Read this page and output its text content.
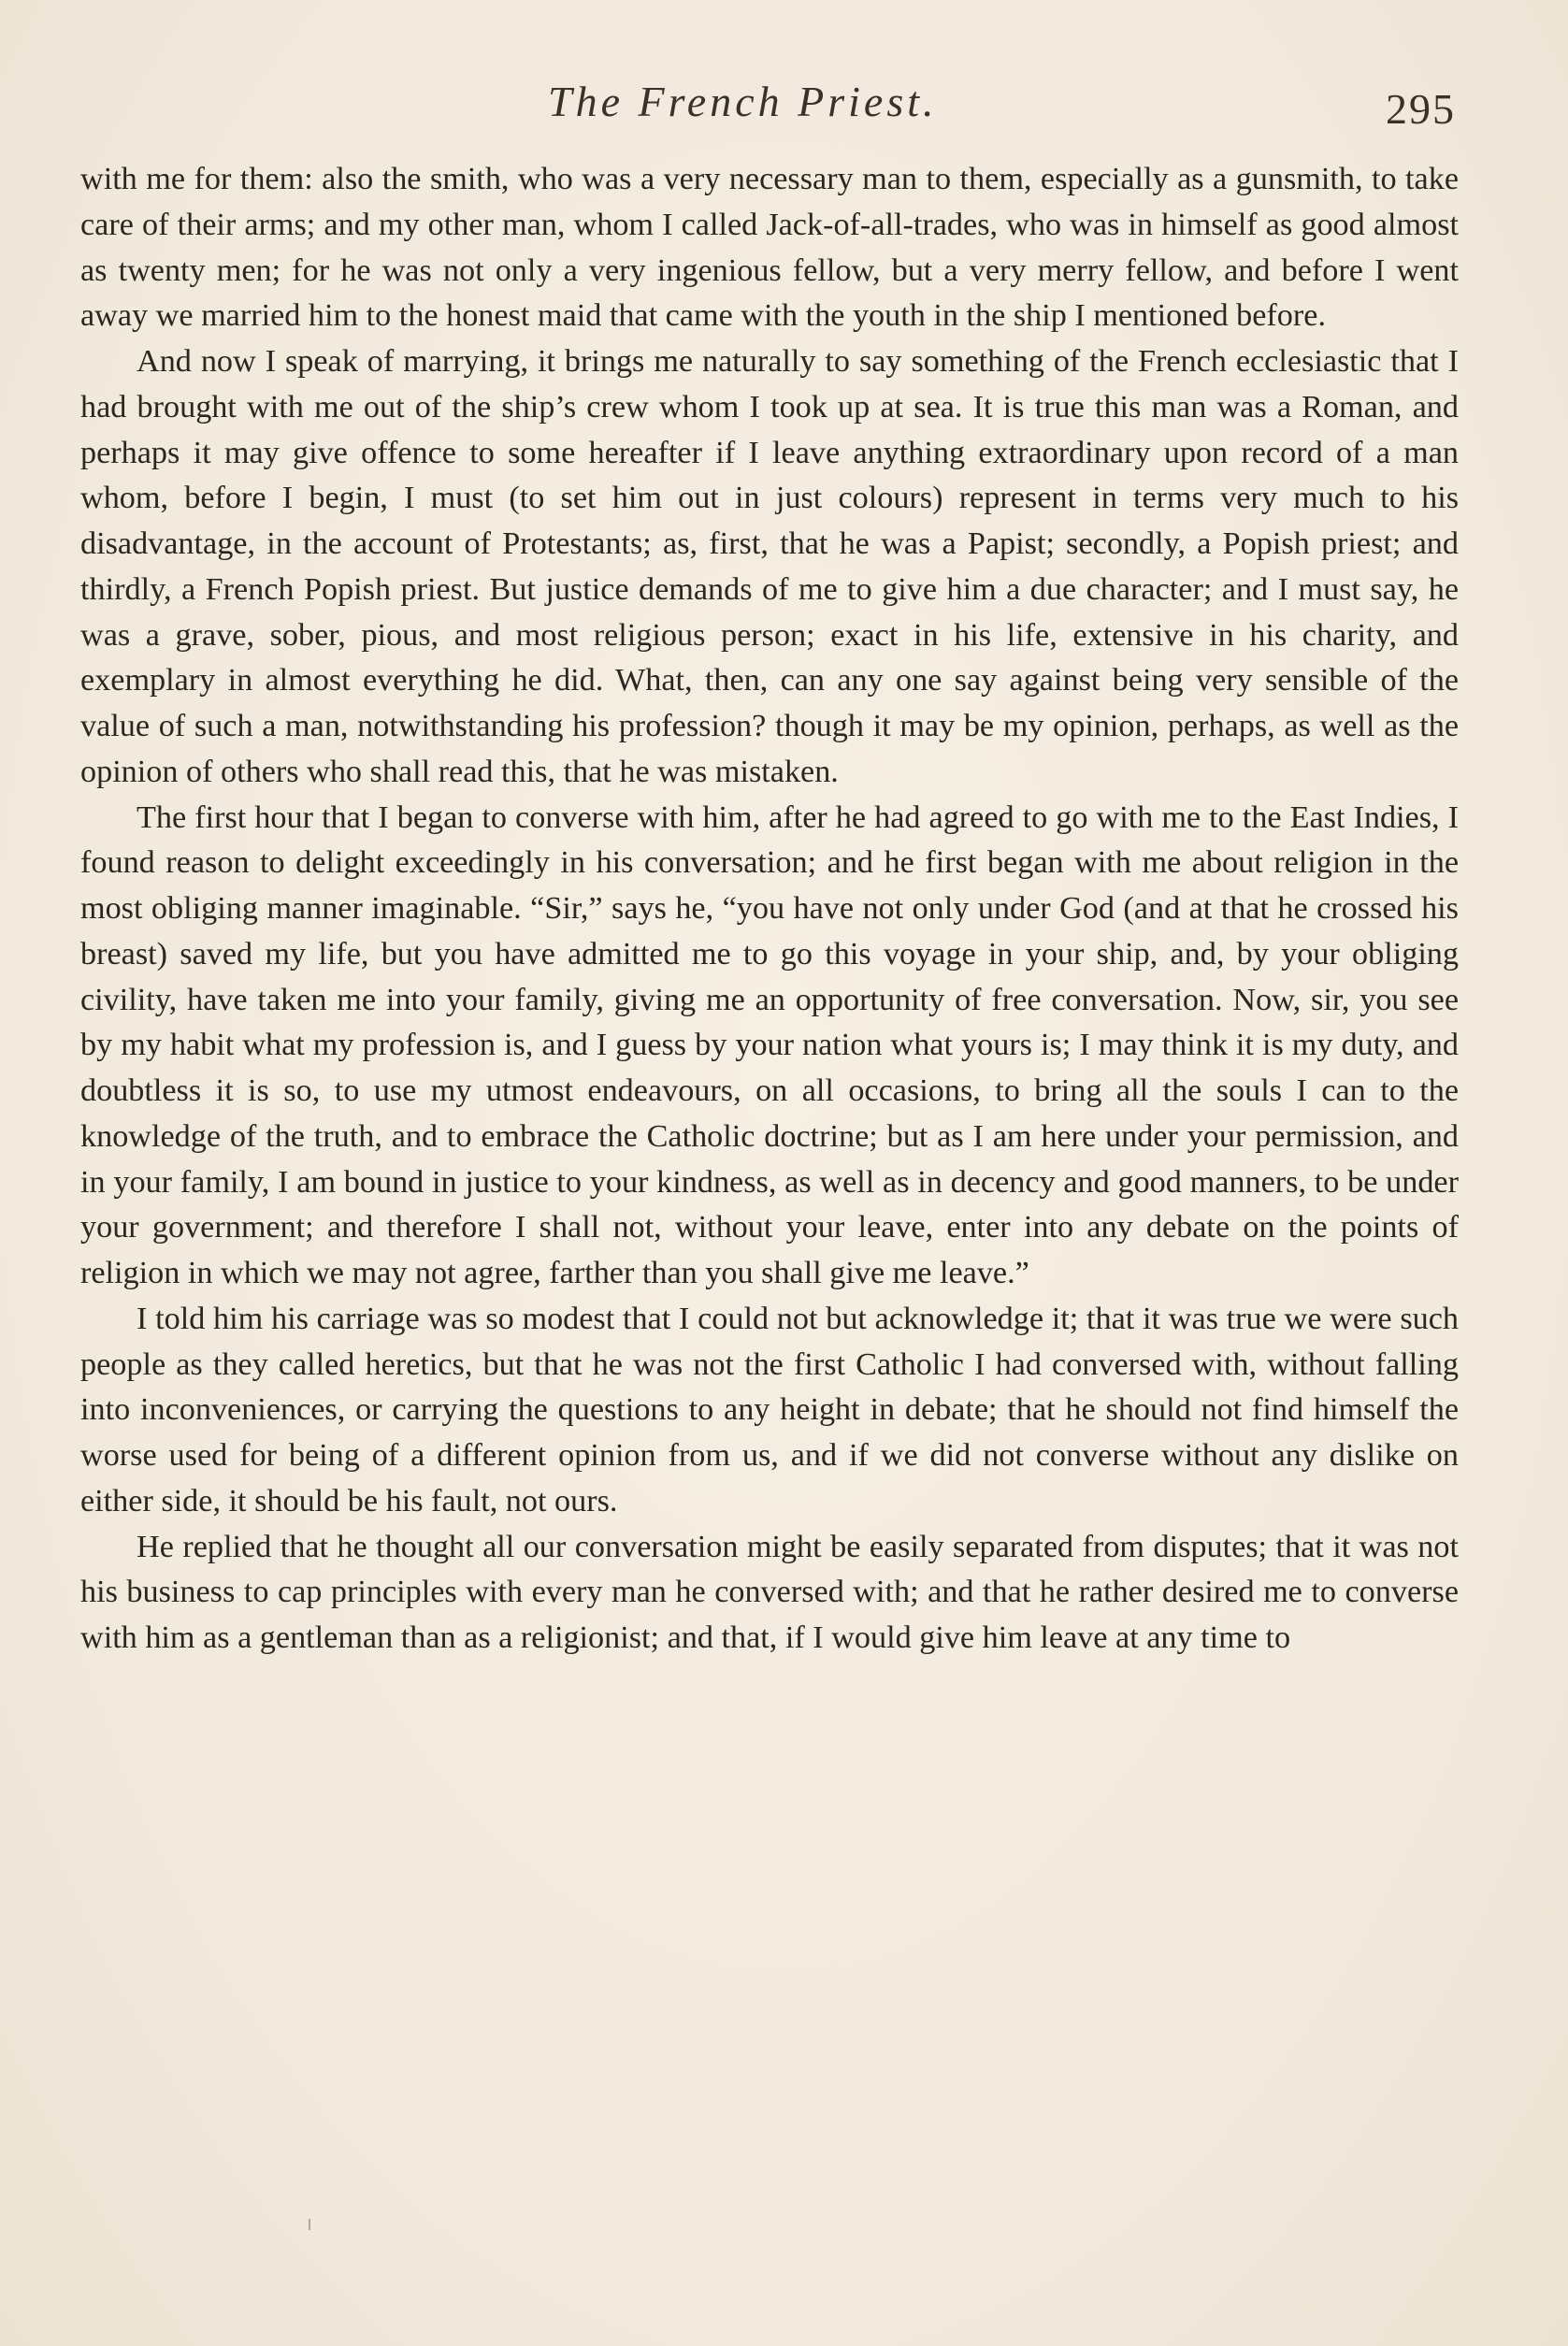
The French Priest.	295

with me for them: also the smith, who was a very necessary man to them, especially as a gunsmith, to take care of their arms; and my other man, whom I called Jack-of-all-trades, who was in himself as good almost as twenty men; for he was not only a very ingenious fellow, but a very merry fellow, and before I went away we married him to the honest maid that came with the youth in the ship I mentioned before.

And now I speak of marrying, it brings me naturally to say something of the French ecclesiastic that I had brought with me out of the ship’s crew whom I took up at sea. It is true this man was a Roman, and perhaps it may give offence to some hereafter if I leave anything extraordinary upon record of a man whom, before I begin, I must (to set him out in just colours) represent in terms very much to his disadvantage, in the account of Protestants; as, first, that he was a Papist; secondly, a Popish priest; and thirdly, a French Popish priest. But justice demands of me to give him a due character; and I must say, he was a grave, sober, pious, and most religious person; exact in his life, extensive in his charity, and exemplary in almost everything he did. What, then, can any one say against being very sensible of the value of such a man, notwithstanding his profession? though it may be my opinion, perhaps, as well as the opinion of others who shall read this, that he was mistaken.

The first hour that I began to converse with him, after he had agreed to go with me to the East Indies, I found reason to delight exceedingly in his conversation; and he first began with me about religion in the most obliging manner imaginable. “Sir,” says he, “you have not only under God (and at that he crossed his breast) saved my life, but you have admitted me to go this voyage in your ship, and, by your obliging civility, have taken me into your family, giving me an opportunity of free conversation. Now, sir, you see by my habit what my profession is, and I guess by your nation what yours is; I may think it is my duty, and doubtless it is so, to use my utmost endeavours, on all occasions, to bring all the souls I can to the knowledge of the truth, and to embrace the Catholic doctrine; but as I am here under your permission, and in your family, I am bound in justice to your kindness, as well as in decency and good manners, to be under your government; and therefore I shall not, without your leave, enter into any debate on the points of religion in which we may not agree, farther than you shall give me leave.”

I told him his carriage was so modest that I could not but acknowledge it; that it was true we were such people as they called heretics, but that he was not the first Catholic I had conversed with, without falling into inconveniences, or carrying the questions to any height in debate; that he should not find himself the worse used for being of a different opinion from us, and if we did not converse without any dislike on either side, it should be his fault, not ours.

He replied that he thought all our conversation might be easily separated from disputes; that it was not his business to cap principles with every man he conversed with; and that he rather desired me to converse with him as a gentleman than as a religionist; and that, if I would give him leave at any time to
